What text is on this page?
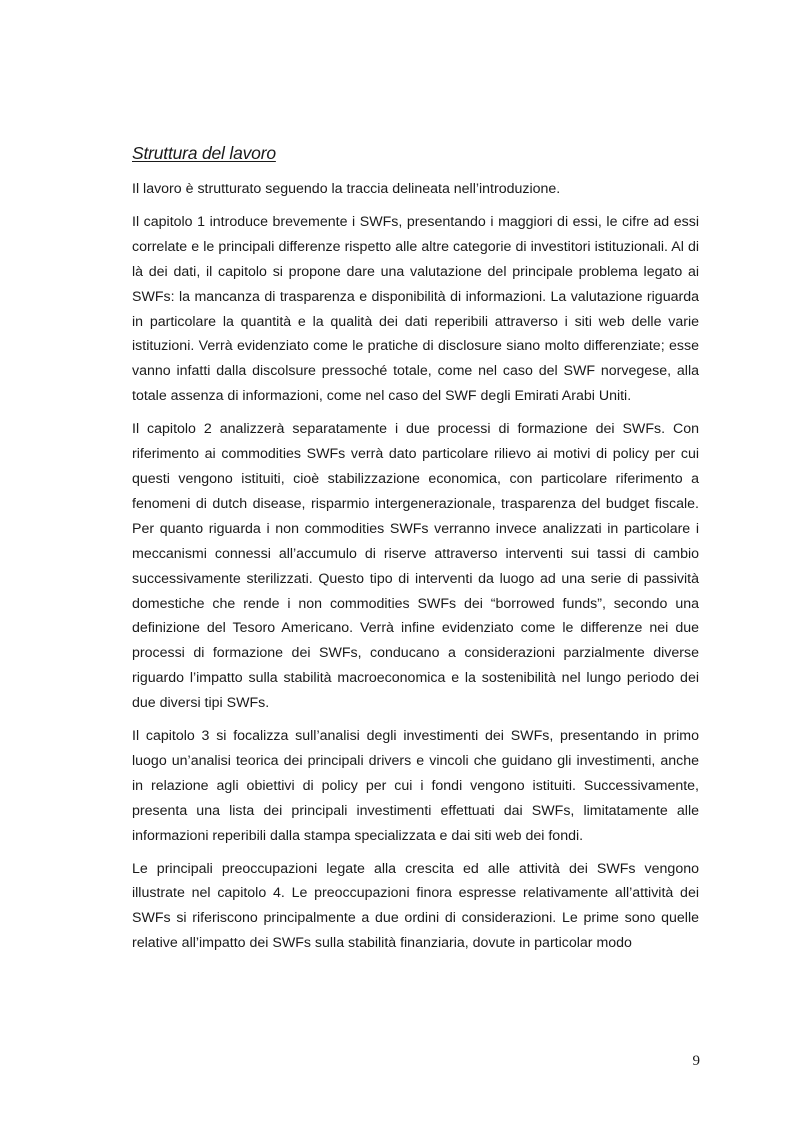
Struttura del lavoro

Il lavoro è strutturato seguendo la traccia delineata nell’introduzione.

Il capitolo 1 introduce brevemente i SWFs, presentando i maggiori di essi, le cifre ad essi correlate e le principali differenze rispetto alle altre categorie di investitori istituzionali. Al di là dei dati, il capitolo si propone dare una valutazione del principale problema legato ai SWFs: la mancanza di trasparenza e disponibilità di informazioni. La valutazione riguarda in particolare la quantità e la qualità dei dati reperibili attraverso i siti web delle varie istituzioni. Verrà evidenziato come le pratiche di disclosure siano molto differenziate; esse vanno infatti dalla discolsure pressoché totale, come nel caso del SWF norvegese, alla totale assenza di informazioni, come nel caso del SWF degli Emirati Arabi Uniti.

Il capitolo 2 analizzerà separatamente i due processi di formazione dei SWFs. Con riferimento ai commodities SWFs verrà dato particolare rilievo ai motivi di policy per cui questi vengono istituiti, cioè stabilizzazione economica, con particolare riferimento a fenomeni di dutch disease, risparmio intergenerazionale, trasparenza del budget fiscale. Per quanto riguarda i non commodities SWFs verranno invece analizzati in particolare i meccanismi connessi all’accumulo di riserve attraverso interventi sui tassi di cambio successivamente sterilizzati. Questo tipo di interventi da luogo ad una serie di passività domestiche che rende i non commodities SWFs dei “borrowed funds”, secondo una definizione del Tesoro Americano. Verrà infine evidenziato come le differenze nei due processi di formazione dei SWFs, conducano a considerazioni parzialmente diverse riguardo l’impatto sulla stabilità macroeconomica e la sostenibilità nel lungo periodo dei due diversi tipi SWFs.

Il capitolo 3 si focalizza sull’analisi degli investimenti dei SWFs, presentando in primo luogo un’analisi teorica dei principali drivers e vincoli che guidano gli investimenti, anche in relazione agli obiettivi di policy per cui i fondi vengono istituiti. Successivamente, presenta una lista dei principali investimenti effettuati dai SWFs, limitatamente alle informazioni reperibili dalla stampa specializzata e dai siti web dei fondi.

Le principali preoccupazioni legate alla crescita ed alle attività dei SWFs vengono illustrate nel capitolo 4. Le preoccupazioni finora espresse relativamente all’attività dei SWFs si riferiscono principalmente a due ordini di considerazioni. Le prime sono quelle relative all’impatto dei SWFs sulla stabilità finanziaria, dovute in particolar modo

9
